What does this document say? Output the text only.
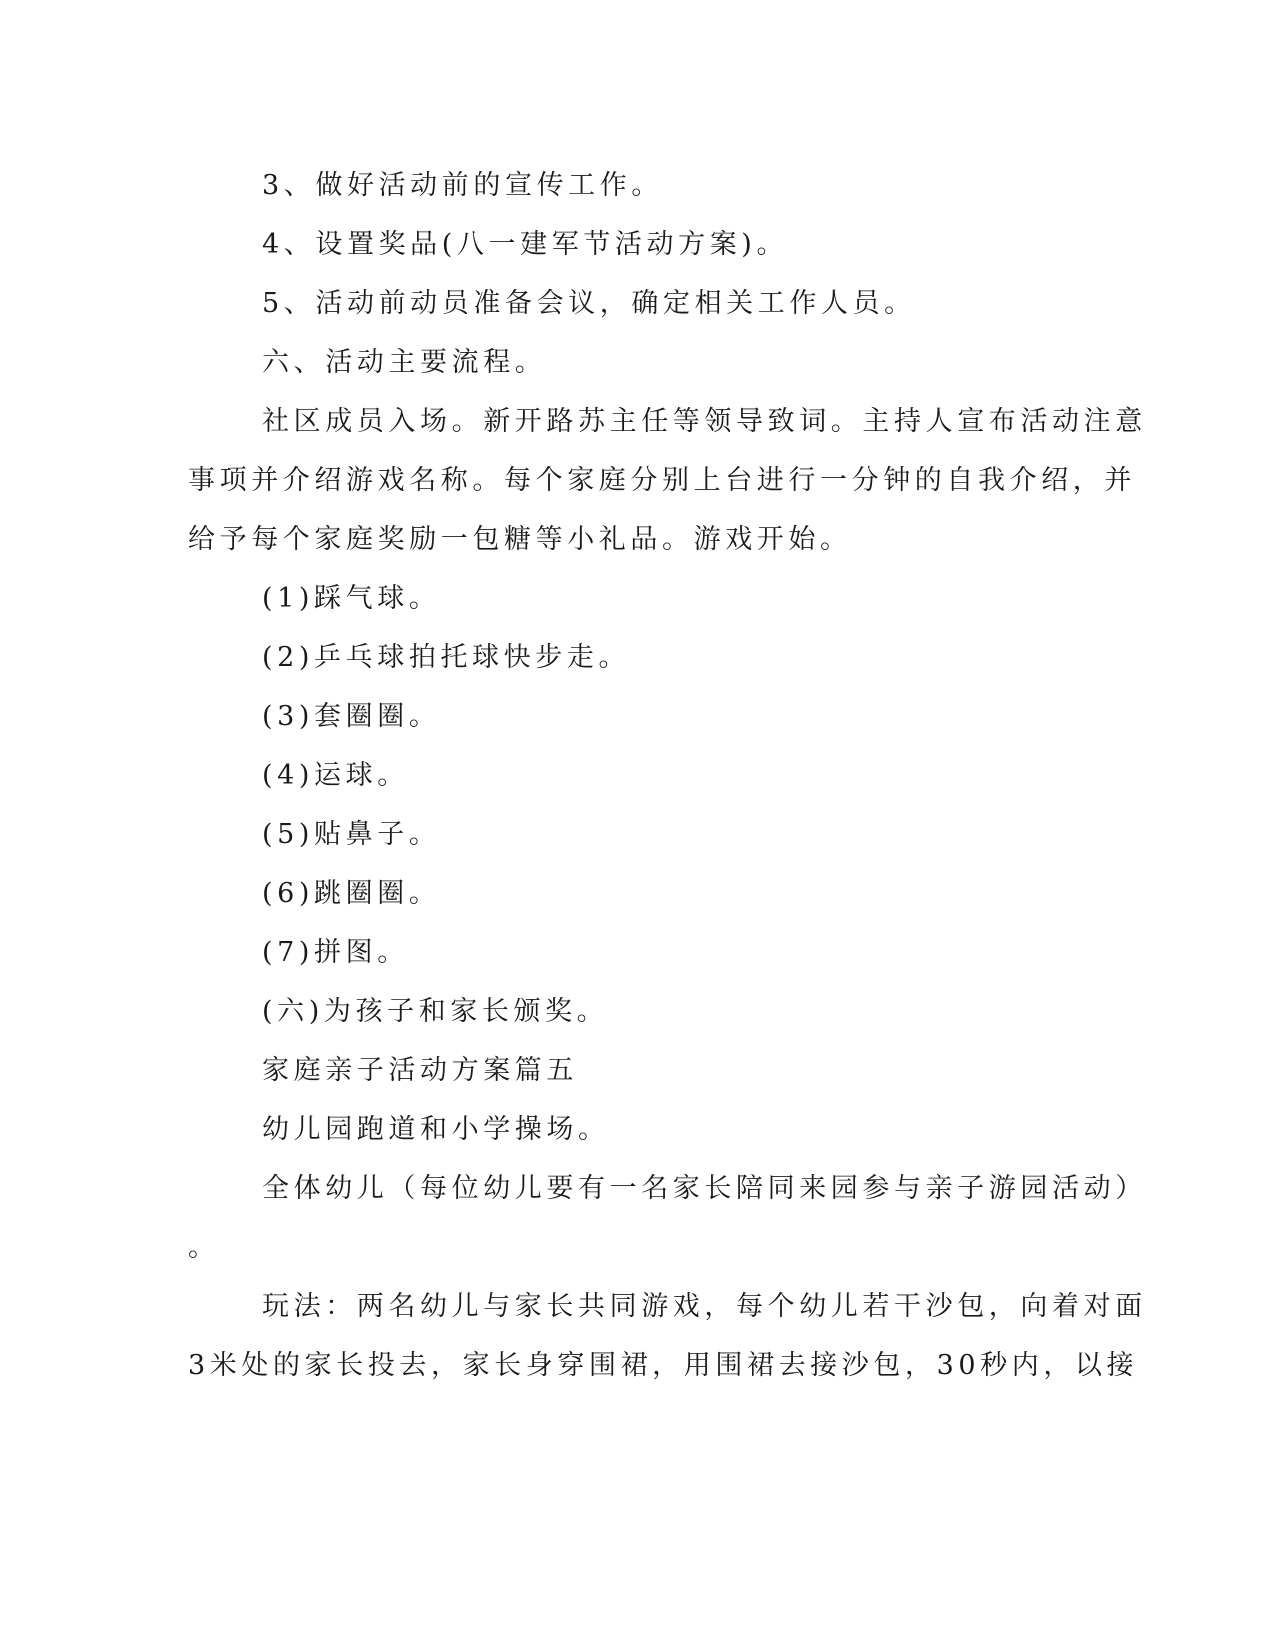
3、做好活动前的宣传工作。
4、设置奖品(八一建军节活动方案)。
5、活动前动员准备会议，确定相关工作人员。
六、活动主要流程。
社区成员入场。新开路苏主任等领导致词。主持人宣布活动注意
事项并介绍游戏名称。每个家庭分别上台进行一分钟的自我介绍，并
给予每个家庭奖励一包糖等小礼品。游戏开始。
(1)踩气球。
(2)乒乓球拍托球快步走。
(3)套圈圈。
(4)运球。
(5)贴鼻子。
(6)跳圈圈。
(7)拼图。
(六)为孩子和家长颁奖。
家庭亲子活动方案篇五
幼儿园跑道和小学操场。
全体幼儿（每位幼儿要有一名家长陪同来园参与亲子游园活动）
。
玩法：两名幼儿与家长共同游戏，每个幼儿若干沙包，向着对面
3米处的家长投去，家长身穿围裙，用围裙去接沙包，30秒内，以接
